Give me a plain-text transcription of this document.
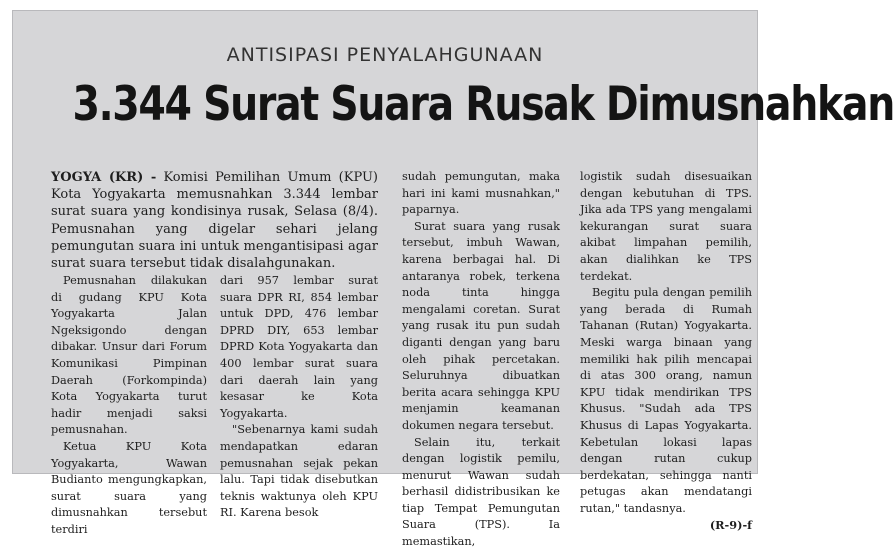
ANTISIPASI PENYALAHGUNAAN
3.344 Surat Suara Rusak Dimusnahkan
YOGYA (KR) - Komisi Pemilihan Umum (KPU) Kota Yogyakarta memusnahkan 3.344 lembar surat suara yang kondisinya rusak, Selasa (8/4). Pemusnahan yang digelar sehari jelang pemungutan suara ini untuk mengantisipasi agar surat suara tersebut tidak disalahgunakan.

Pemusnahan dilakukan di gudang KPU Kota Yogyakarta Jalan Ngeksigondo dengan dibakar. Unsur dari Forum Komunikasi Pimpinan Daerah (Forkompinda) Kota Yogyakarta turut hadir menjadi saksi pemusnahan.

Ketua KPU Kota Yogyakarta, Wawan Budianto mengungkapkan, surat suara yang dimusnahkan tersebut terdiri

dari 957 lembar surat suara DPR RI, 854 lembar untuk DPD, 476 lembar DPRD DIY, 653 lembar DPRD Kota Yogyakarta dan 400 lembar surat suara dari daerah lain yang kesasar ke Kota Yogyakarta.

"Sebenarnya kami sudah mendapatkan edaran pemusnahan sejak pekan lalu. Tapi tidak disebutkan teknis waktunya oleh KPU RI. Karena besok

sudah pemungutan, maka hari ini kami musnahkan," paparnya.

Surat suara yang rusak tersebut, imbuh Wawan, karena berbagai hal. Di antaranya robek, terkena noda tinta hingga mengalami coretan. Surat yang rusak itu pun sudah diganti dengan yang baru oleh pihak percetakan. Seluruhnya dibuatkan berita acara sehingga KPU menjamin keamanan dokumen negara tersebut.

Selain itu, terkait dengan logistik pemilu, menurut Wawan sudah berhasil didistribusikan ke tiap Tempat Pemungutan Suara (TPS). Ia memastikan,

logistik sudah disesuaikan dengan kebutuhan di TPS. Jika ada TPS yang mengalami kekurangan surat suara akibat limpahan pemilih, akan dialihkan ke TPS terdekat.

Begitu pula dengan pemilih yang berada di Rumah Tahanan (Rutan) Yogyakarta. Meski warga binaan yang memiliki hak pilih mencapai di atas 300 orang, namun KPU tidak mendirikan TPS Khusus. "Sudah ada TPS Khusus di Lapas Yogyakarta. Kebetulan lokasi lapas dengan rutan cukup berdekatan, sehingga nanti petugas akan mendatangi rutan," tandasnya.

(R-9)-f
